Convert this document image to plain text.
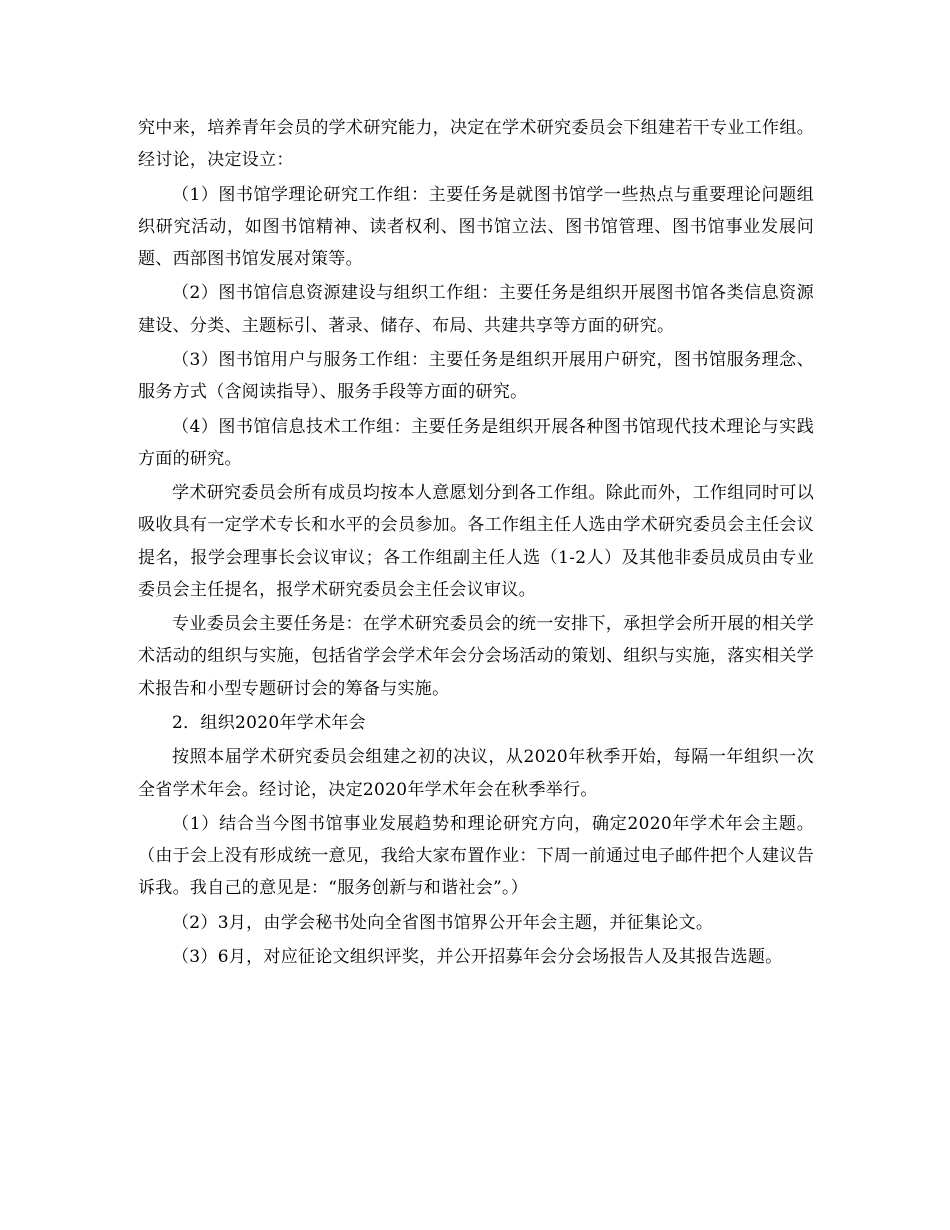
究中来，培养青年会员的学术研究能力，决定在学术研究委员会下组建若干专业工作组。经讨论，决定设立：

（1）图书馆学理论研究工作组：主要任务是就图书馆学一些热点与重要理论问题组织研究活动，如图书馆精神、读者权利、图书馆立法、图书馆管理、图书馆事业发展问题、西部图书馆发展对策等。

（2）图书馆信息资源建设与组织工作组：主要任务是组织开展图书馆各类信息资源建设、分类、主题标引、著录、储存、布局、共建共享等方面的研究。

（3）图书馆用户与服务工作组：主要任务是组织开展用户研究，图书馆服务理念、服务方式（含阅读指导）、服务手段等方面的研究。

（4）图书馆信息技术工作组：主要任务是组织开展各种图书馆现代技术理论与实践方面的研究。

学术研究委员会所有成员均按本人意愿划分到各工作组。除此而外，工作组同时可以吸收具有一定学术专长和水平的会员参加。各工作组主任人选由学术研究委员会主任会议提名，报学会理事长会议审议；各工作组副主任人选（1-2人）及其他非委员成员由专业委员会主任提名，报学术研究委员会主任会议审议。

专业委员会主要任务是：在学术研究委员会的统一安排下，承担学会所开展的相关学术活动的组织与实施，包括省学会学术年会分会场活动的策划、组织与实施，落实相关学术报告和小型专题研讨会的筹备与实施。

2．组织2020年学术年会

按照本届学术研究委员会组建之初的决议，从2020年秋季开始，每隔一年组织一次全省学术年会。经讨论，决定2020年学术年会在秋季举行。

（1）结合当今图书馆事业发展趋势和理论研究方向，确定2020年学术年会主题。（由于会上没有形成统一意见，我给大家布置作业：下周一前通过电子邮件把个人建议告诉我。我自己的意见是：“服务创新与和谐社会”。）

（2）3月，由学会秘书处向全省图书馆界公开年会主题，并征集论文。

（3）6月，对应征论文组织评奖，并公开招募年会分会场报告人及其报告选题。
